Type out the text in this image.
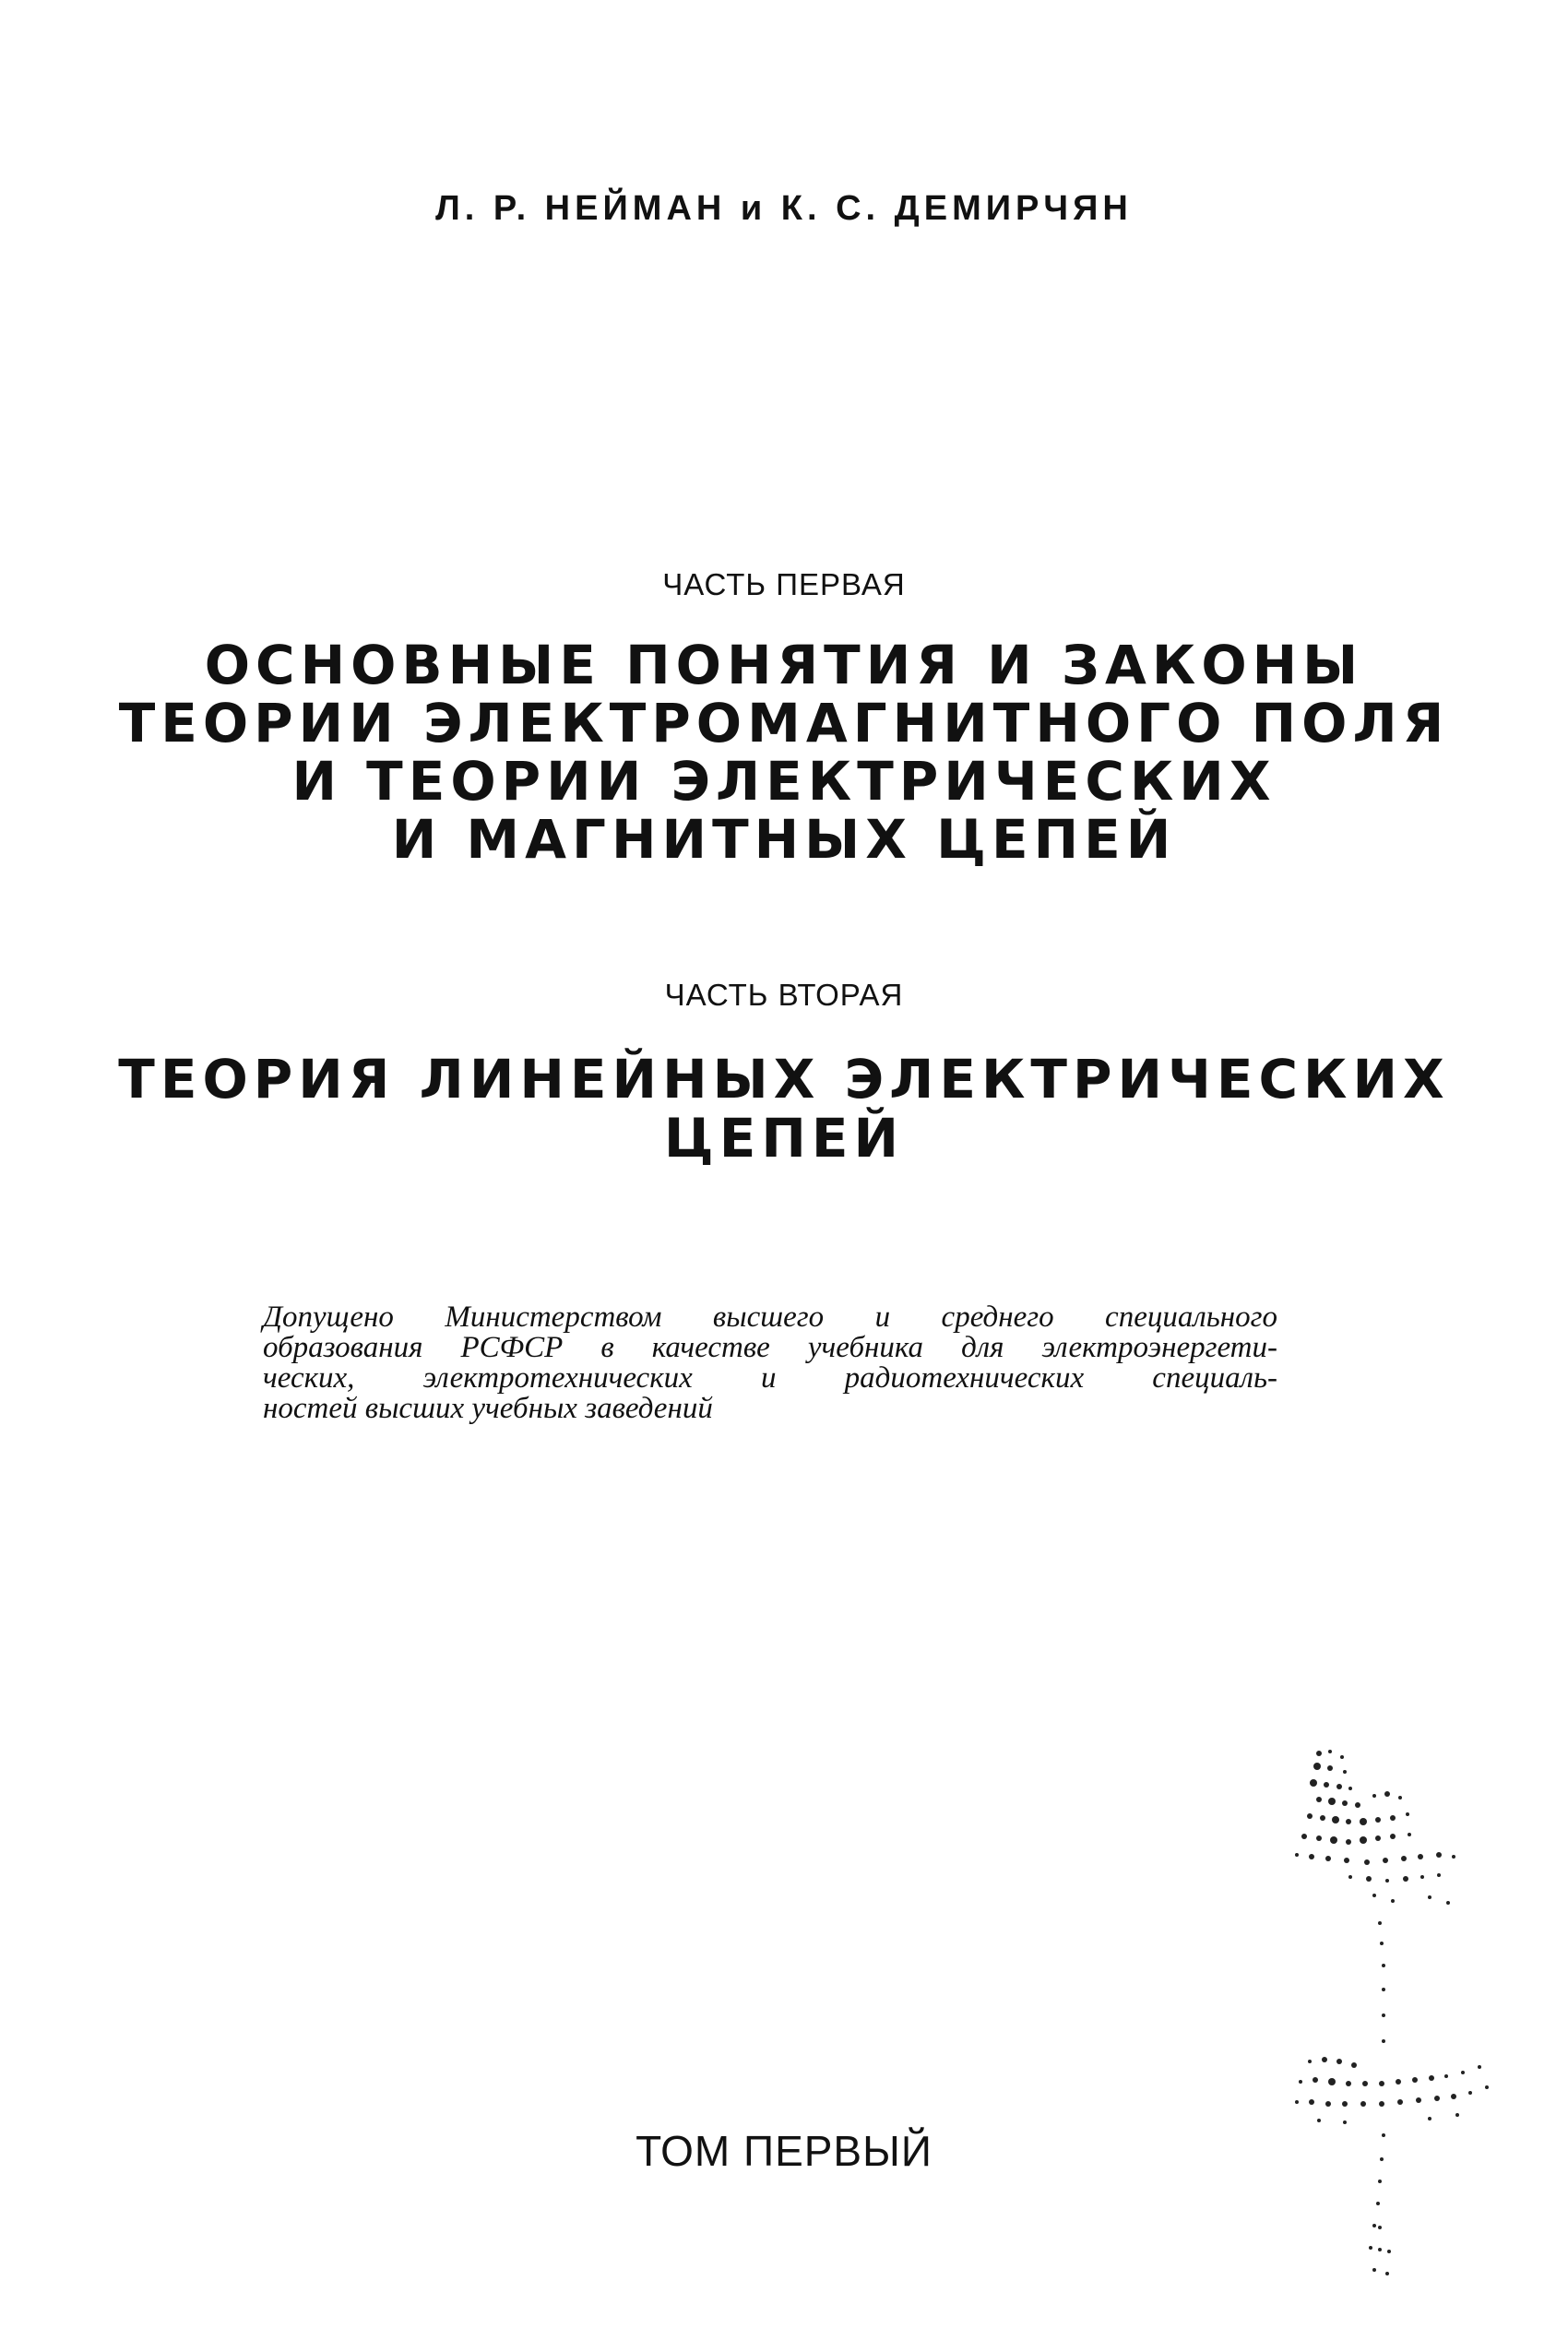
Л. Р. НЕЙМАН и К. С. ДЕМИРЧЯН
ЧАСТЬ ПЕРВАЯ
ОСНОВНЫЕ ПОНЯТИЯ И ЗАКОНЫ
ТЕОРИИ ЭЛЕКТРОМАГНИТНОГО ПОЛЯ
И ТЕОРИИ ЭЛЕКТРИЧЕСКИХ
И МАГНИТНЫХ ЦЕПЕЙ
ЧАСТЬ ВТОРАЯ
ТЕОРИЯ ЛИНЕЙНЫХ ЭЛЕКТРИЧЕСКИХ
ЦЕПЕЙ
Допущено Министерством высшего и среднего специального
образования РСФСР в качестве учебника для электроэнергети-
ческих, электротехнических и радиотехнических специаль-
ностей высших учебных заведений
ТОМ ПЕРВЫЙ
